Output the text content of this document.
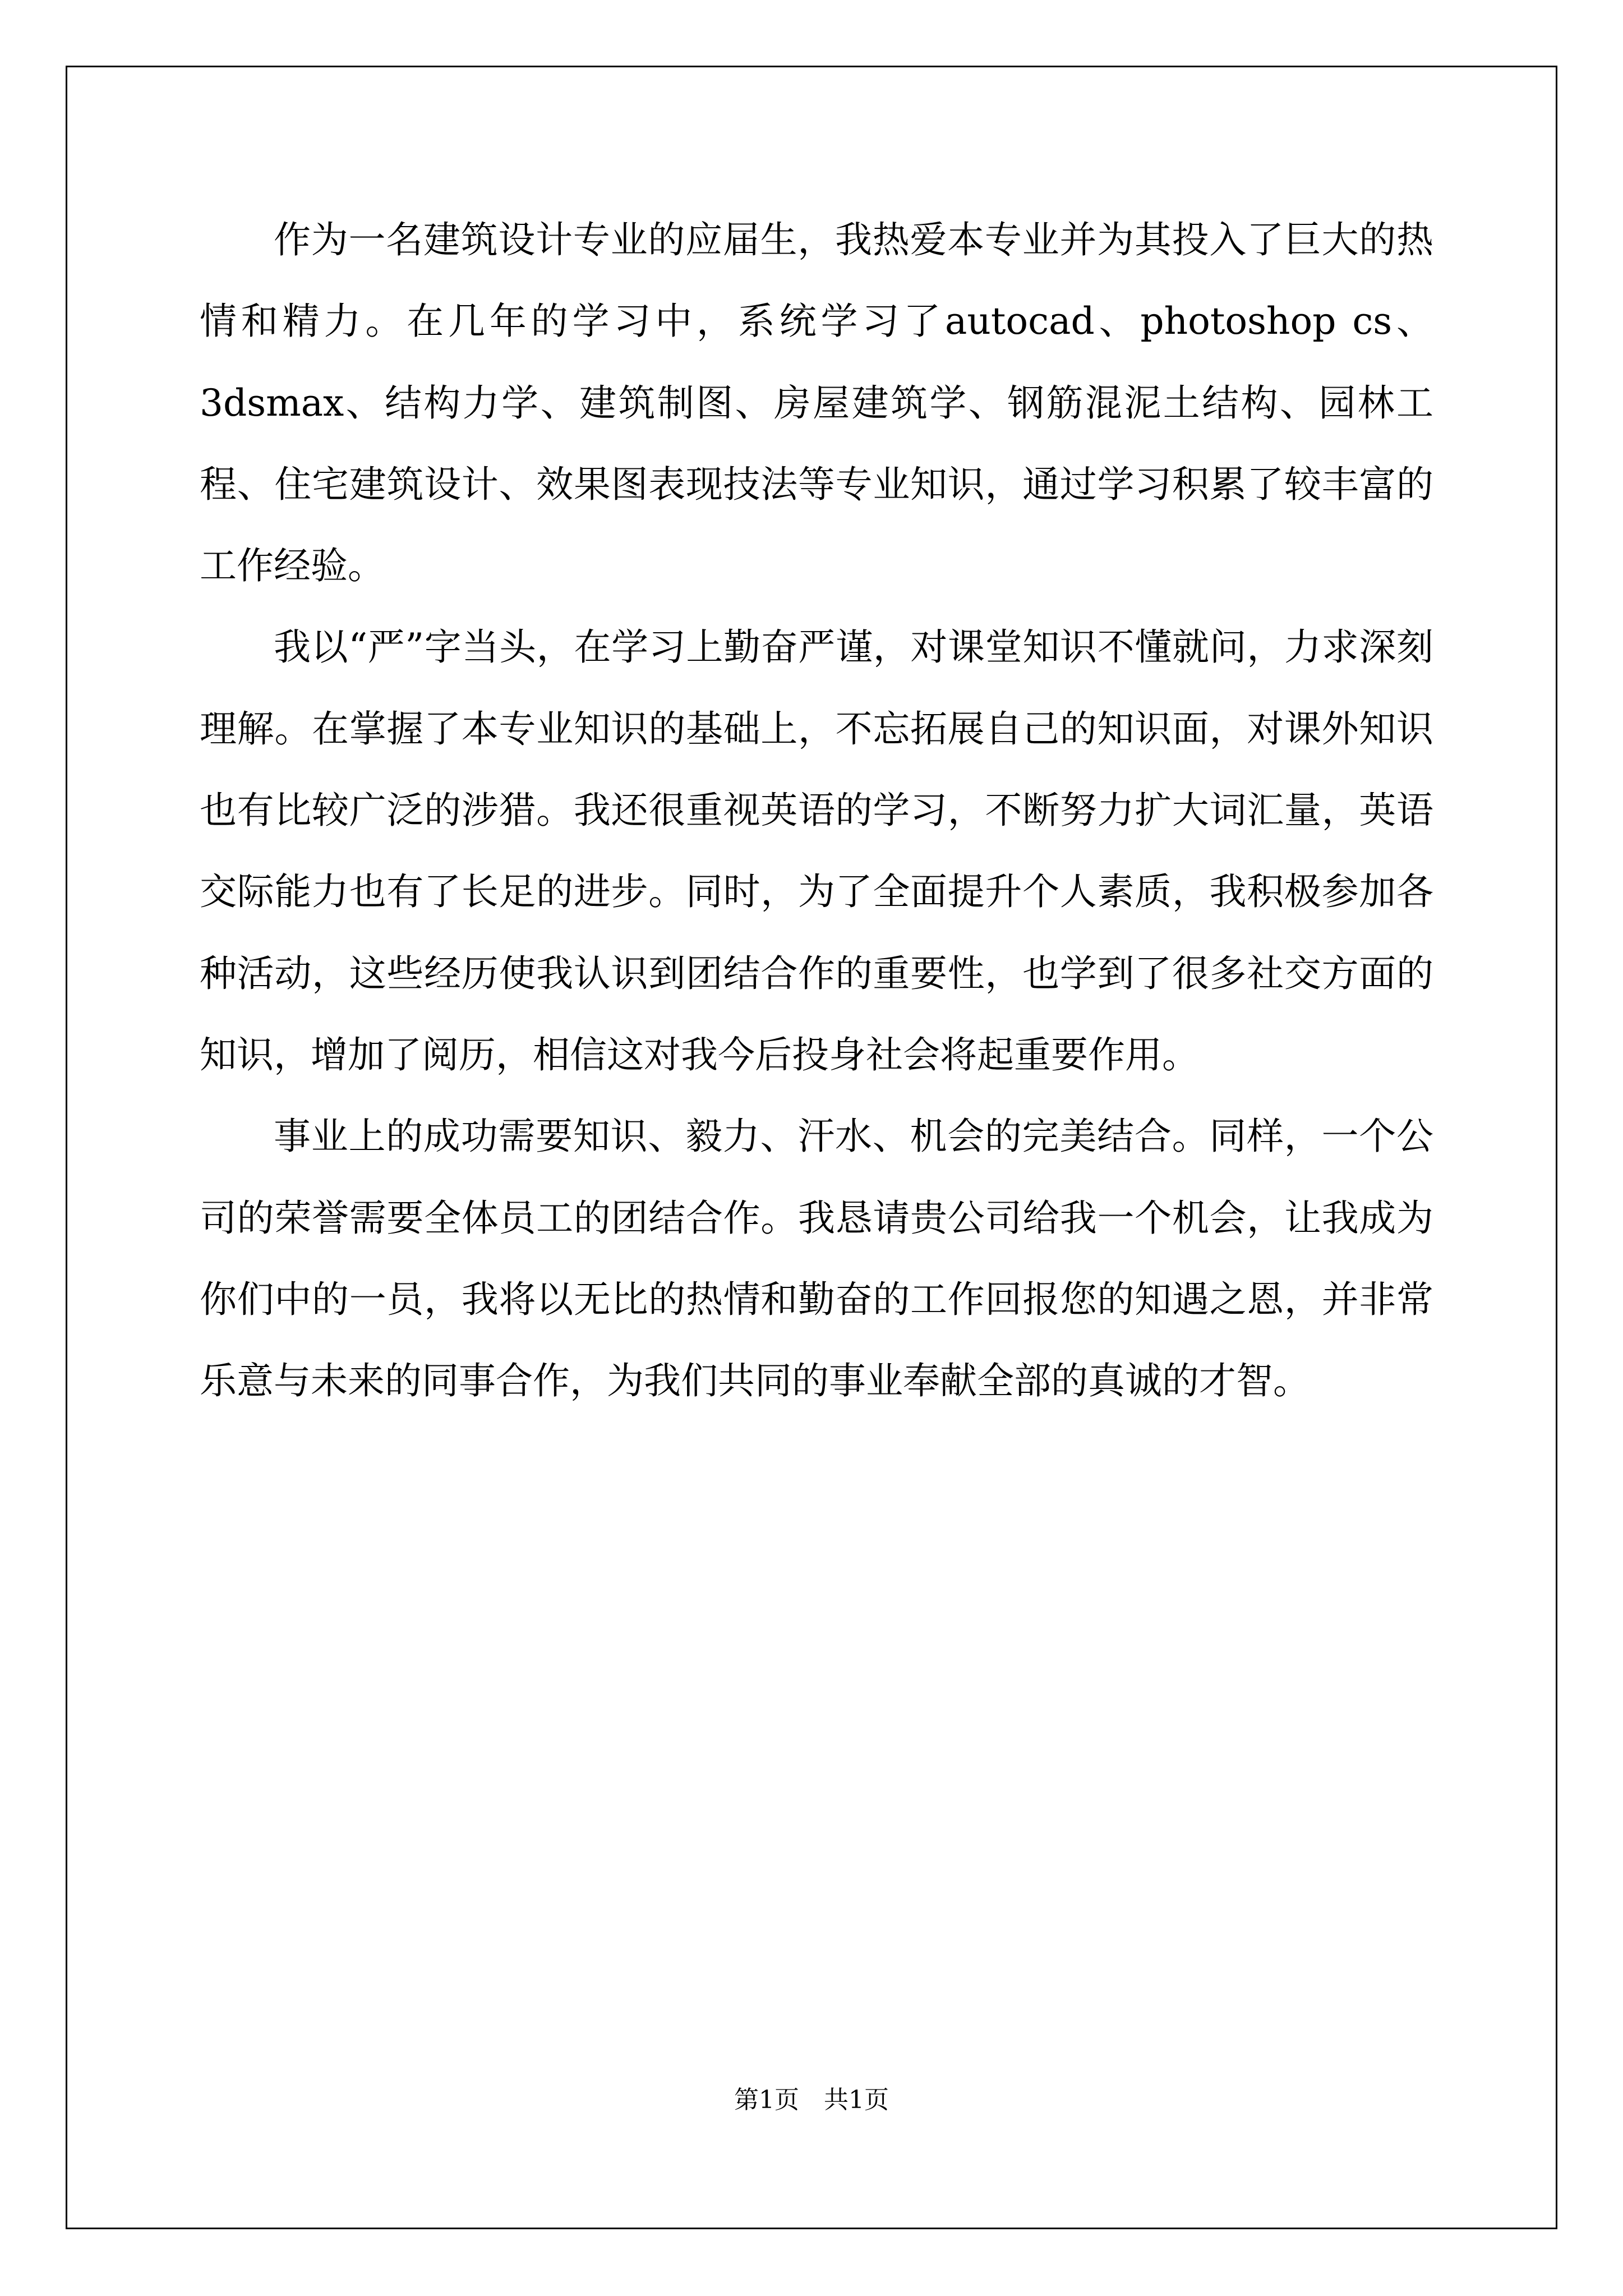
作为一名建筑设计专业的应届生，我热爱本专业并为其投入了巨大的热情和精力。在几年的学习中，系统学习了autocad、photoshop cs、3dsmax、结构力学、建筑制图、房屋建筑学、钢筋混泥土结构、园林工程、住宅建筑设计、效果图表现技法等专业知识，通过学习积累了较丰富的工作经验。

我以“严”字当头，在学习上勤奋严谨，对课堂知识不懂就问，力求深刻理解。在掌握了本专业知识的基础上，不忘拓展自己的知识面，对课外知识也有比较广泛的涉猎。我还很重视英语的学习，不断努力扩大词汇量，英语交际能力也有了长足的进步。同时，为了全面提升个人素质，我积极参加各种活动，这些经历使我认识到团结合作的重要性，也学到了很多社交方面的知识，增加了阅历，相信这对我今后投身社会将起重要作用。

事业上的成功需要知识、毅力、汗水、机会的完美结合。同样，一个公司的荣誉需要全体员工的团结合作。我恳请贵公司给我一个机会，让我成为你们中的一员，我将以无比的热情和勤奋的工作回报您的知遇之恩，并非常乐意与未来的同事合作，为我们共同的事业奉献全部的真诚的才智。

第1页 共1页
